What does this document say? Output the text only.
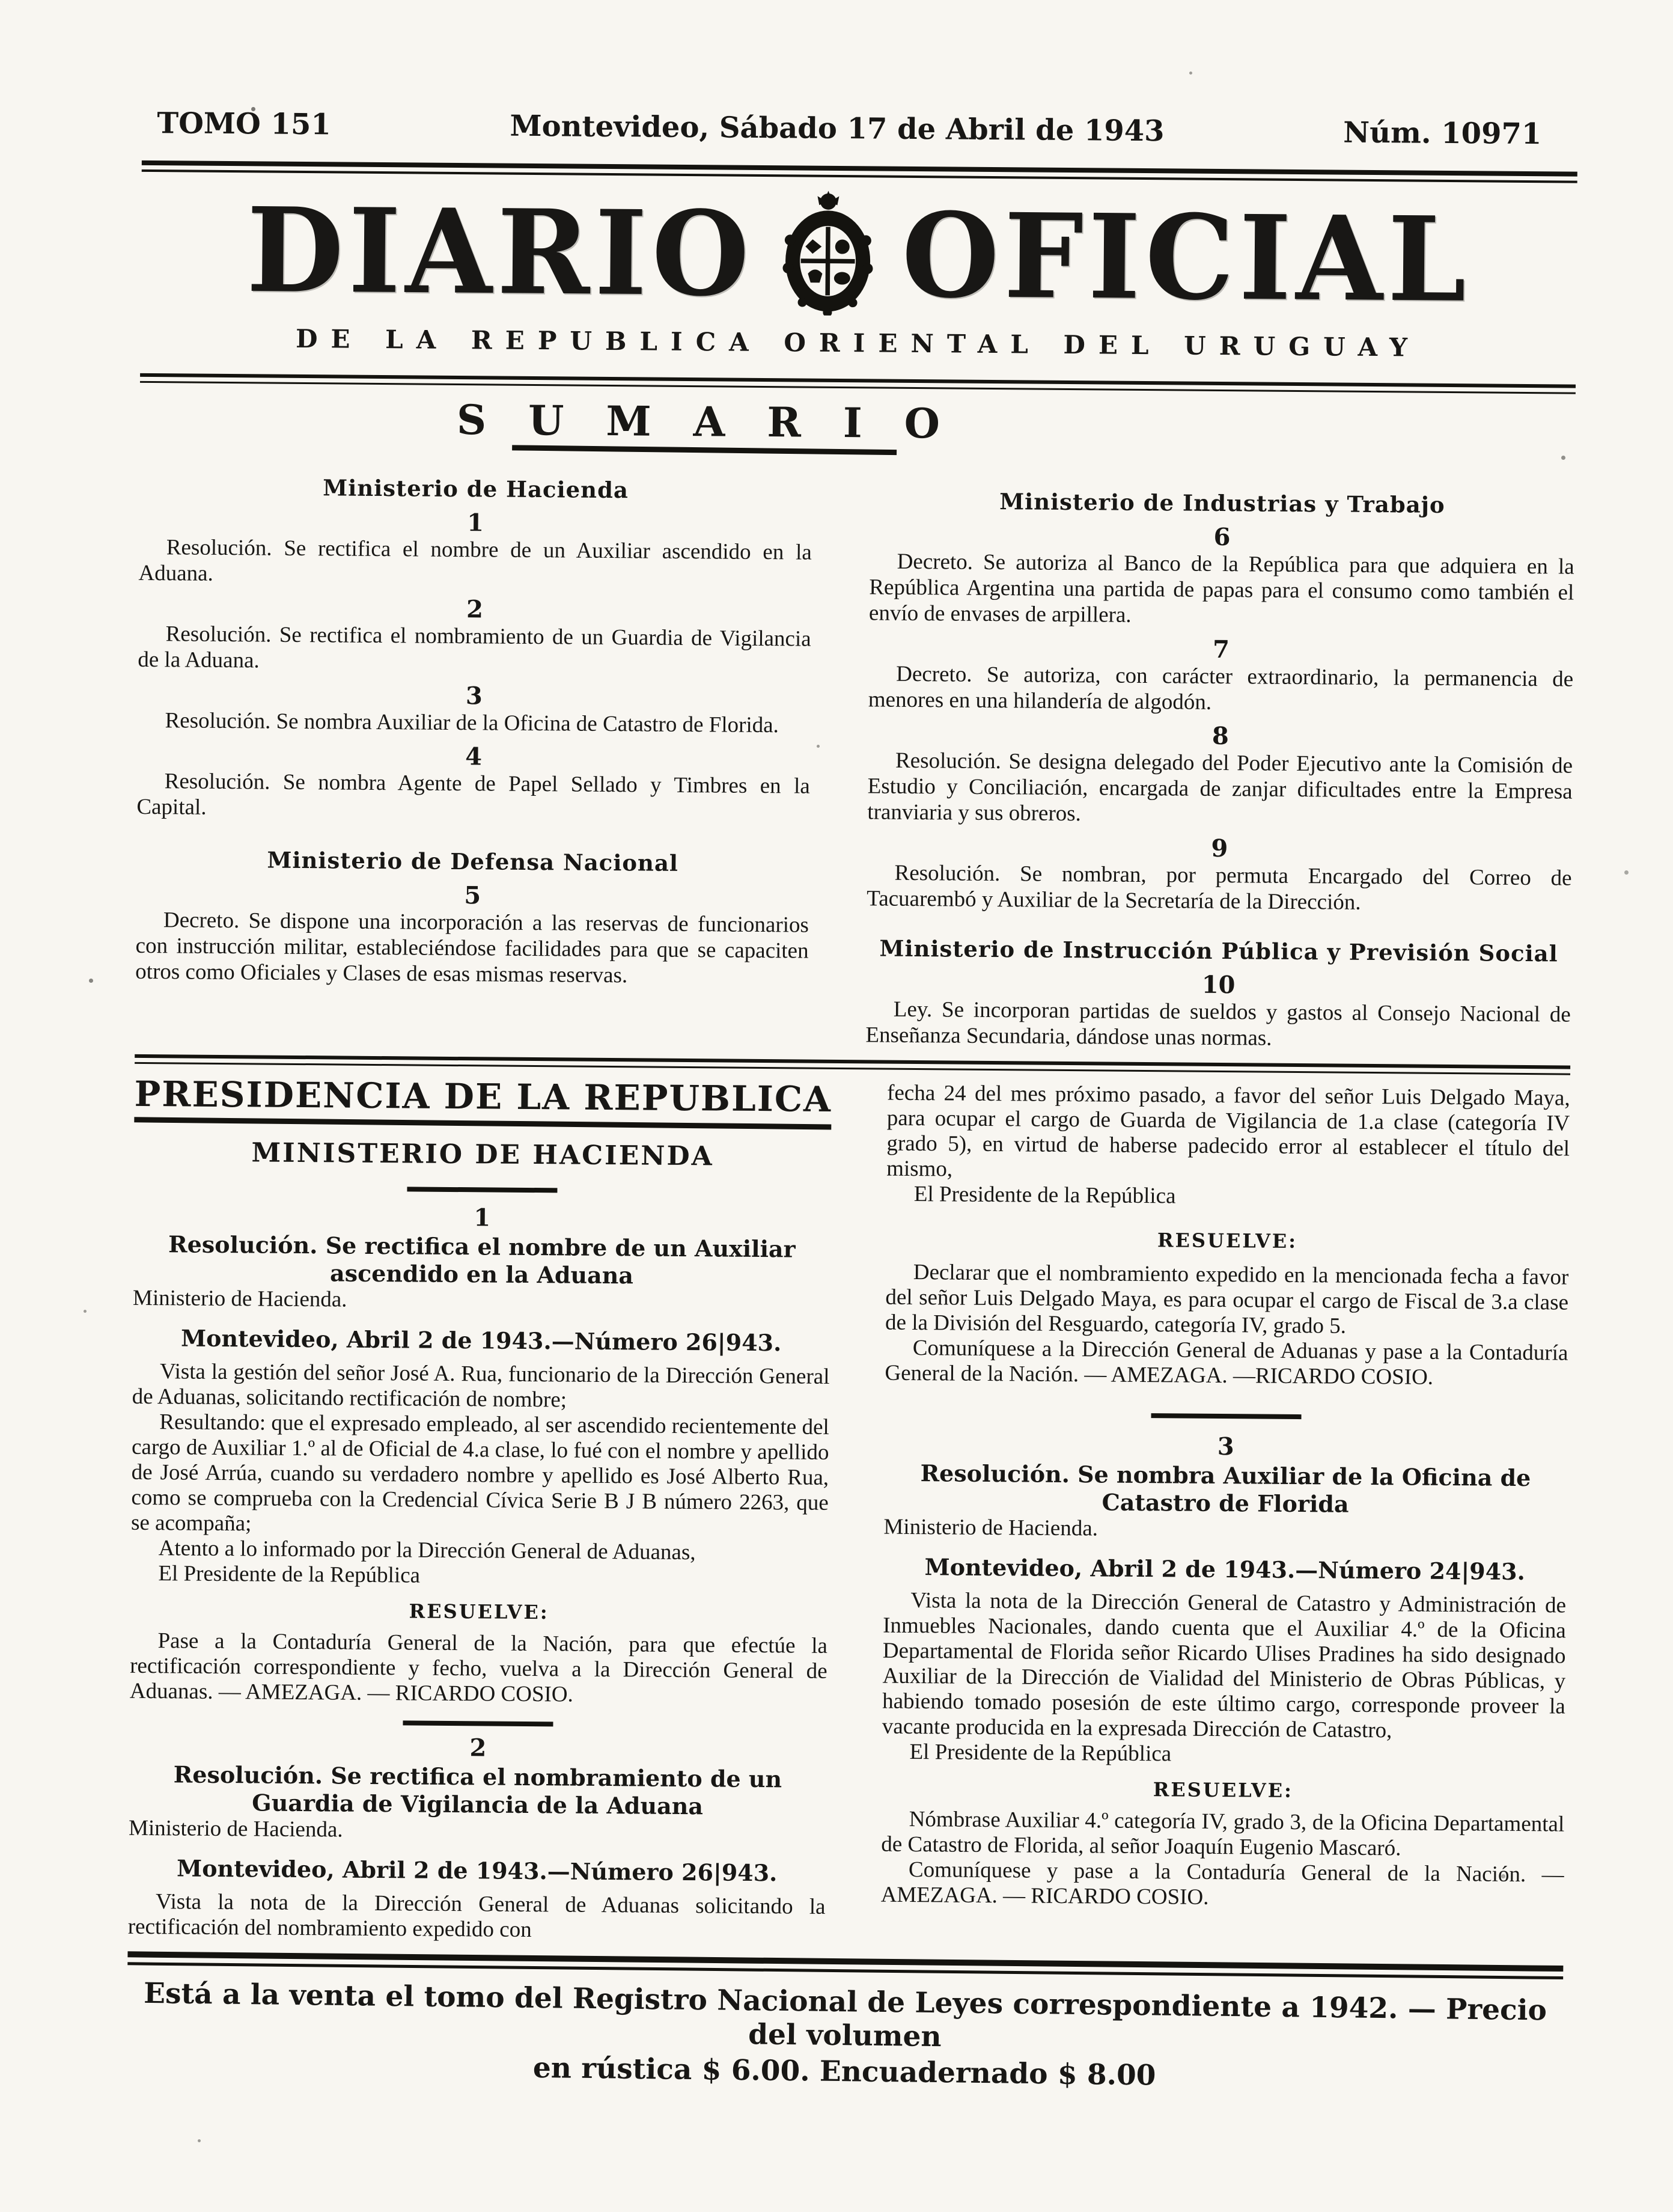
TOMO 151	Montevideo, Sábado 17 de Abril de 1943	Núm. 10971
DIARIO OFICIAL
DE LA REPUBLICA ORIENTAL DEL URUGUAY
SUMARIO
Ministerio de Hacienda
1

Resolución. Se rectifica el nombre de un Auxiliar ascendido en la Aduana.

2

Resolución. Se rectifica el nombramiento de un Guardia de Vigilancia de la Aduana.

3

Resolución. Se nombra Auxiliar de la Oficina de Catastro de Florida.

4

Resolución. Se nombra Agente de Papel Sellado y Timbres en la Capital.

Ministerio de Defensa Nacional
5

Decreto. Se dispone una incorporación a las reservas de funcionarios con instrucción militar, estableciéndose facilidades para que se capaciten otros como Oficiales y Clases de esas mismas reservas.

Ministerio de Industrias y Trabajo
6

Decreto. Se autoriza al Banco de la República para que adquiera en la República Argentina una partida de papas para el consumo como también el envío de envases de arpillera.

7

Decreto. Se autoriza, con carácter extraordinario, la permanencia de menores en una hilandería de algodón.

8

Resolución. Se designa delegado del Poder Ejecutivo ante la Comisión de Estudio y Conciliación, encargada de zanjar dificultades entre la Empresa tranviaria y sus obreros.

9

Resolución. Se nombran, por permuta Encargado del Correo de Tacuarembó y Auxiliar de la Secretaría de la Dirección.

Ministerio de Instrucción Pública y Previsión Social
10

Ley. Se incorporan partidas de sueldos y gastos al Consejo Nacional de Enseñanza Secundaria, dándose unas normas.

PRESIDENCIA DE LA REPUBLICA
MINISTERIO DE HACIENDA
1
Resolución. Se rectifica el nombre de un Auxiliar ascendido en la Aduana

Ministerio de Hacienda.

Montevideo, Abril 2 de 1943.—Número 26|943.

Vista la gestión del señor José A. Rua, funcionario de la Dirección General de Aduanas, solicitando rectificación de nombre;

Resultando: que el expresado empleado, al ser ascendido recientemente del cargo de Auxiliar 1.º al de Oficial de 4.a clase, lo fué con el nombre y apellido de José Arrúa, cuando su verdadero nombre y apellido es José Alberto Rua, como se comprueba con la Credencial Cívica Serie B J B número 2263, que se acompaña;

Atento a lo informado por la Dirección General de Aduanas,

El Presidente de la República

RESUELVE:

Pase a la Contaduría General de la Nación, para que efectúe la rectificación correspondiente y fecho, vuelva a la Dirección General de Aduanas. — AMEZAGA. — RICARDO COSIO.

2
Resolución. Se rectifica el nombramiento de un Guardia de Vigilancia de la Aduana

Ministerio de Hacienda.

Montevideo, Abril 2 de 1943.—Número 26|943.

Vista la nota de la Dirección General de Aduanas solicitando la rectificación del nombramiento expedido con

fecha 24 del mes próximo pasado, a favor del señor Luis Delgado Maya, para ocupar el cargo de Guarda de Vigilancia de 1.a clase (categoría IV grado 5), en virtud de haberse padecido error al establecer el título del mismo,

El Presidente de la República

RESUELVE:

Declarar que el nombramiento expedido en la mencionada fecha a favor del señor Luis Delgado Maya, es para ocupar el cargo de Fiscal de 3.a clase de la División del Resguardo, categoría IV, grado 5.

Comuníquese a la Dirección General de Aduanas y pase a la Contaduría General de la Nación. — AMEZAGA. —RICARDO COSIO.

3
Resolución. Se nombra Auxiliar de la Oficina de Catastro de Florida

Ministerio de Hacienda.

Montevideo, Abril 2 de 1943.—Número 24|943.

Vista la nota de la Dirección General de Catastro y Administración de Inmuebles Nacionales, dando cuenta que el Auxiliar 4.º de la Oficina Departamental de Florida señor Ricardo Ulises Pradines ha sido designado Auxiliar de la Dirección de Vialidad del Ministerio de Obras Públicas, y habiendo tomado posesión de este último cargo, corresponde proveer la vacante producida en la expresada Dirección de Catastro,

El Presidente de la República

RESUELVE:

Nómbrase Auxiliar 4.º categoría IV, grado 3, de la Oficina Departamental de Catastro de Florida, al señor Joaquín Eugenio Mascaró.

Comuníquese y pase a la Contaduría General de la Nación. — AMEZAGA. — RICARDO COSIO.

Está a la venta el tomo del Registro Nacional de Leyes correspondiente a 1942. — Precio del volumen
en rústica $ 6.00. Encuadernado $ 8.00
